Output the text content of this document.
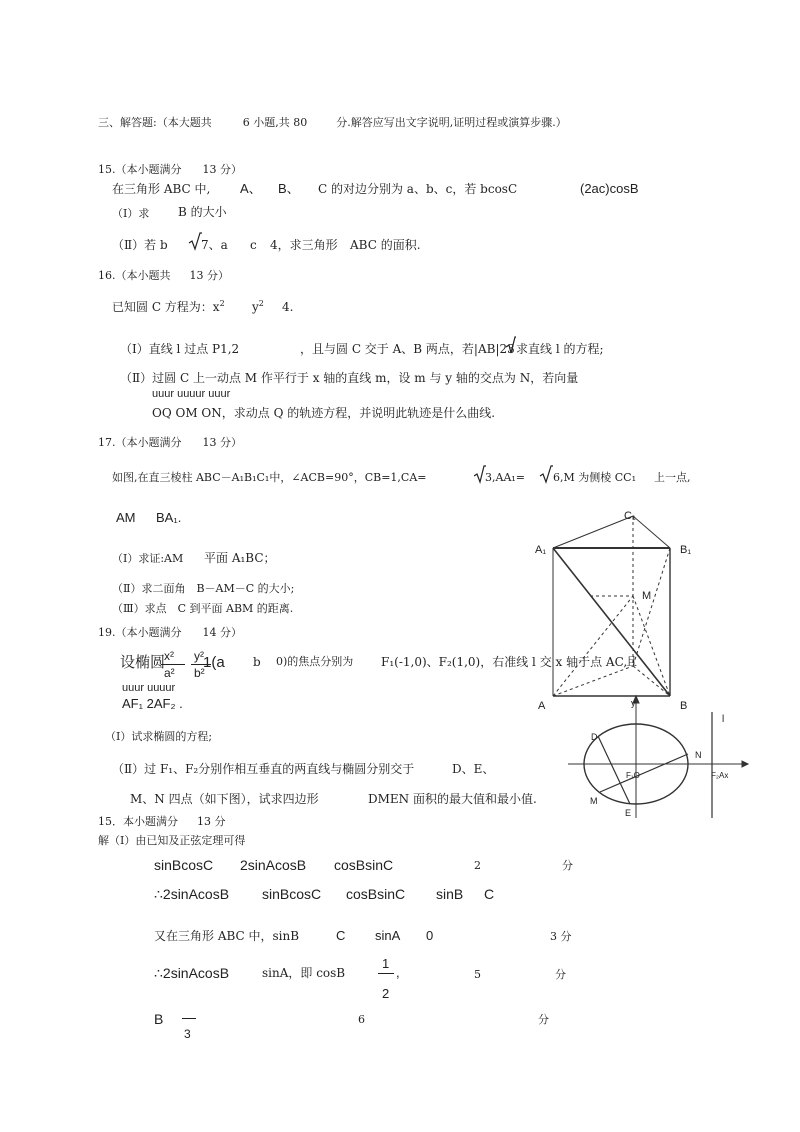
三、解答题:（本大题共	6 小题,共 80	分.解答应写出文字说明,证明过程或演算步骤.）
15.（本小题满分 13 分）
在三角形 ABC 中, A、 B、 C 的对边分别为 a、b、c，若 bcosC	(2ac)cosB
（Ⅰ）求 B 的大小
（Ⅱ）若 b	7、a c 4，求三角形 ABC 的面积.
16.（本小题共 13 分）
已知圆 C 方程为：$x^2$ $y^2$ 4.
（Ⅰ）直线 l 过点 P1,2	，且与圆 C 交于 A、B 两点，若|AB|23 求直线 l 的方程;
（Ⅱ）过圆 C 上一动点 M 作平行于 x 轴的直线 m，设 m 与 y 轴的交点为 N，若向量
uuur uuuur uuur
OQ OM ON，求动点 Q 的轨迹方程，并说明此轨迹是什么曲线.
17.（本小题满分 13 分）
如图,在直三棱柱 ABC－A₁B₁C₁中，∠ACB=90°，CB=1,CA=	3,AA₁=	6,M 为侧棱 CC₁ 上一点,
AM BA₁.
（Ⅰ）求证:AM 平面 A₁BC；
（Ⅱ）求二面角　B－AM－C 的大小;
（Ⅲ）求点　C 到平面 ABM 的距离.
C₁
A₁	B₁
M
A	B
19.（本小题满分 14 分）
设椭圆
x²
a²
y²
b²
1(a b 0)的焦点分别为 F₁(-1,0)、F₂(1,0)，右准线 l 交 x 轴于点 AC,
且
uuur uuuur
AF₁ 2AF₂ .
（Ⅰ）试求椭圆的方程;
（Ⅱ）过 F₁、F₂分别作相互垂直的两直线与椭圆分别交于	D、E、
M、N 四点（如下图），试求四边形	DMEN 面积的最大值和最小值.
y
l
D
N
F₁O	F₂Ax
M
E
15．本小题满分 13 分
解（Ⅰ）由已知及正弦定理可得
sinBcosC 2sinAcosB cosBsinC	2	分
∴2sinAcosB sinBcosC cosBsinC sinB C
又在三角形 ABC 中，sinB	C sinA 0	3 分
∴2sinAcosB	sinA，即 cosB
1
2
,	5	分
B
3
6	分
